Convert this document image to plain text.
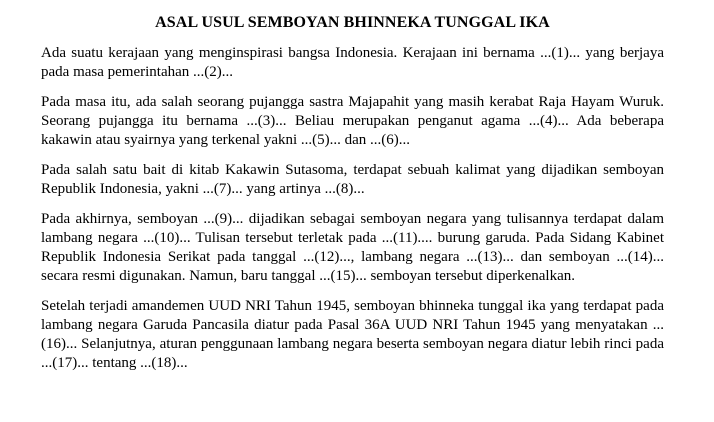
ASAL USUL SEMBOYAN BHINNEKA TUNGGAL IKA

Ada suatu kerajaan yang menginspirasi bangsa Indonesia. Kerajaan ini bernama ...(1)... yang berjaya pada masa pemerintahan ...(2)...

Pada masa itu, ada salah seorang pujangga sastra Majapahit yang masih kerabat Raja Hayam Wuruk. Seorang pujangga itu bernama ...(3)... Beliau merupakan penganut agama ...(4)... Ada beberapa kakawin atau syairnya yang terkenal yakni ...(5)... dan ...(6)...

Pada salah satu bait di kitab Kakawin Sutasoma, terdapat sebuah kalimat yang dijadikan semboyan Republik Indonesia, yakni ...(7)... yang artinya ...(8)...

Pada akhirnya, semboyan ...(9)... dijadikan sebagai semboyan negara yang tulisannya terdapat dalam lambang negara ...(10)... Tulisan tersebut terletak pada ...(11).... burung garuda. Pada Sidang Kabinet Republik Indonesia Serikat pada tanggal ...(12)..., lambang negara ...(13)... dan semboyan ...(14)... secara resmi digunakan. Namun, baru tanggal ...(15)... semboyan tersebut diperkenalkan.

Setelah terjadi amandemen UUD NRI Tahun 1945, semboyan bhinneka tunggal ika yang terdapat pada lambang negara Garuda Pancasila diatur pada Pasal 36A UUD NRI Tahun 1945 yang menyatakan ...(16)... Selanjutnya, aturan penggunaan lambang negara beserta semboyan negara diatur lebih rinci pada ...(17)... tentang ...(18)...
